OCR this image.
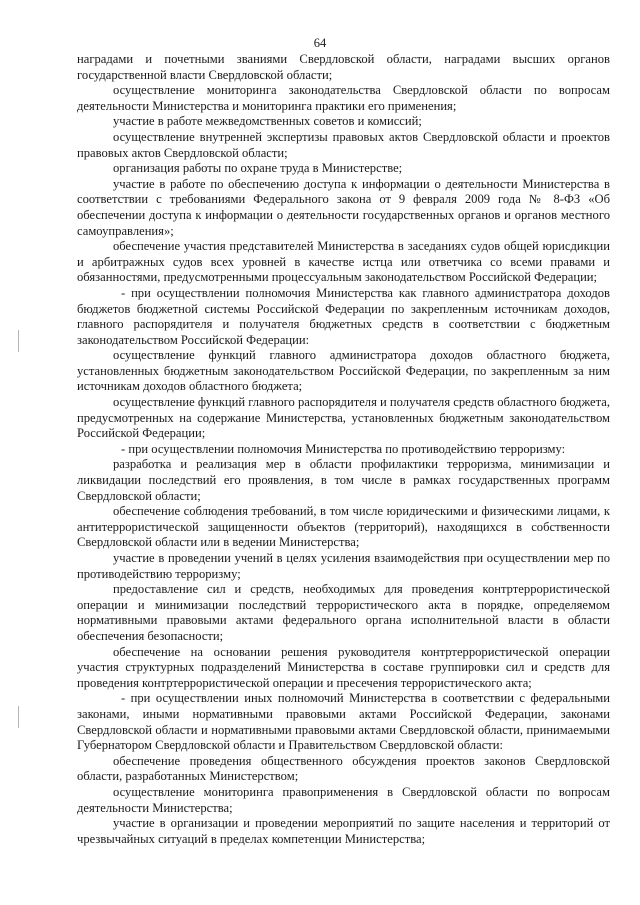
64

наградами и почетными званиями Свердловской области, наградами высших органов государственной власти Свердловской области;

осуществление мониторинга законодательства Свердловской области по вопросам деятельности Министерства и мониторинга практики его применения;

участие в работе межведомственных советов и комиссий;

осуществление внутренней экспертизы правовых актов Свердловской области и проектов правовых актов Свердловской области;

организация работы по охране труда в Министерстве;

участие в работе по обеспечению доступа к информации о деятельности Министерства в соответствии с требованиями Федерального закона от 9 февраля 2009 года № 8-ФЗ «Об обеспечении доступа к информации о деятельности государственных органов и органов местного самоуправления»;

обеспечение участия представителей Министерства в заседаниях судов общей юрисдикции и арбитражных судов всех уровней в качестве истца или ответчика со всеми правами и обязанностями, предусмотренными процессуальным законодательством Российской Федерации;

- при осуществлении полномочия Министерства как главного администратора доходов бюджетов бюджетной системы Российской Федерации по закрепленным источникам доходов, главного распорядителя и получателя бюджетных средств в соответствии с бюджетным законодательством Российской Федерации:

осуществление функций главного администратора доходов областного бюджета, установленных бюджетным законодательством Российской Федерации, по закрепленным за ним источникам доходов областного бюджета;

осуществление функций главного распорядителя и получателя средств областного бюджета, предусмотренных на содержание Министерства, установленных бюджетным законодательством Российской Федерации;

- при осуществлении полномочия Министерства по противодействию терроризму:

разработка и реализация мер в области профилактики терроризма, минимизации и ликвидации последствий его проявления, в том числе в рамках государственных программ Свердловской области;

обеспечение соблюдения требований, в том числе юридическими и физическими лицами, к антитеррористической защищенности объектов (территорий), находящихся в собственности Свердловской области или в ведении Министерства;

участие в проведении учений в целях усиления взаимодействия при осуществлении мер по противодействию терроризму;

предоставление сил и средств, необходимых для проведения контртеррористической операции и минимизации последствий террористического акта в порядке, определяемом нормативными правовыми актами федерального органа исполнительной власти в области обеспечения безопасности;

обеспечение на основании решения руководителя контртеррористической операции участия структурных подразделений Министерства в составе группировки сил и средств для проведения контртеррористической операции и пресечения террористического акта;

- при осуществлении иных полномочий Министерства в соответствии с федеральными законами, иными нормативными правовыми актами Российской Федерации, законами Свердловской области и нормативными правовыми актами Свердловской области, принимаемыми Губернатором Свердловской области и Правительством Свердловской области:

обеспечение проведения общественного обсуждения проектов законов Свердловской области, разработанных Министерством;

осуществление мониторинга правоприменения в Свердловской области по вопросам деятельности Министерства;

участие в организации и проведении мероприятий по защите населения и территорий от чрезвычайных ситуаций в пределах компетенции Министерства;
